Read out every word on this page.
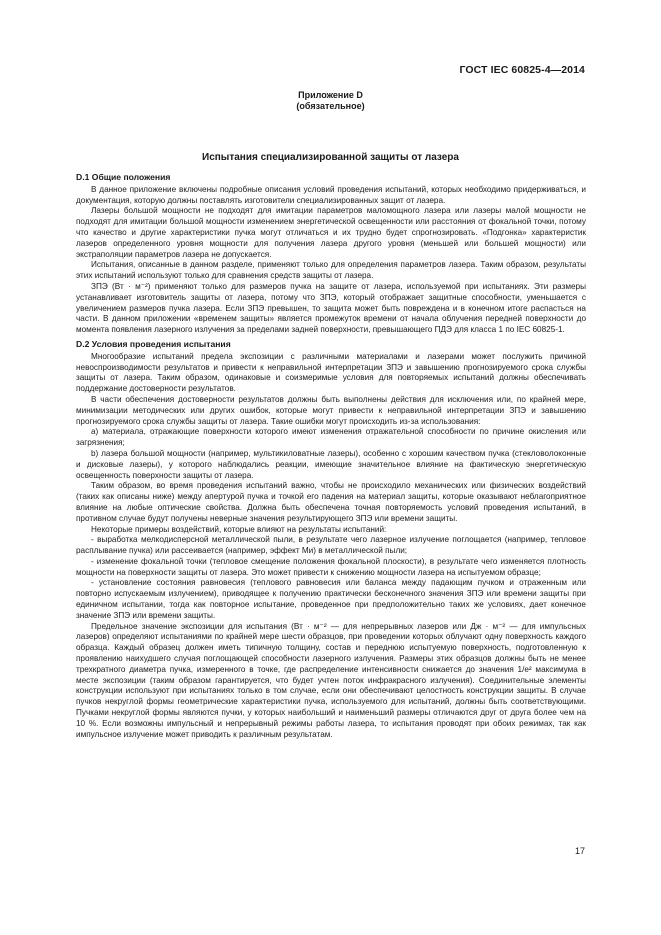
ГОСТ IEC 60825-4—2014
Приложение D
(обязательное)
Испытания специализированной защиты от лазера
D.1 Общие положения

В данное приложение включены подробные описания условий проведения испытаний, которых необходимо придерживаться, и документация, которую должны поставлять изготовители специализированных защит от лазера.

Лазеры большой мощности не подходят для имитации параметров маломощного лазера или лазеры малой мощности не подходят для имитации большой мощности изменением энергетической освещенности или расстояния от фокальной точки, потому что качество и другие характеристики пучка могут отличаться и их трудно будет спрогнозировать. «Подгонка» характеристик лазеров определенного уровня мощности для получения лазера другого уровня (меньшей или большей мощности) или экстраполяции параметров лазера не допускается.

Испытания, описанные в данном разделе, применяют только для определения параметров лазера. Таким образом, результаты этих испытаний используют только для сравнения средств защиты от лазера.

ЗПЭ (Вт · м⁻²) применяют только для размеров пучка на защите от лазера, используемой при испытаниях. Эти размеры устанавливает изготовитель защиты от лазера, потому что ЗПЭ, который отображает защитные способности, уменьшается с увеличением размеров пучка лазера. Если ЗПЭ превышен, то защита может быть повреждена и в конечном итоге распасться на части. В данном приложении «временем защиты» является промежуток времени от начала облучения передней поверхности до момента появления лазерного излучения за пределами задней поверхности, превышающего ПДЭ для класса 1 по IEC 60825-1.

D.2 Условия проведения испытания

Многообразие испытаний предела экспозиции с различными материалами и лазерами может послужить причиной невоспроизводимости результатов и привести к неправильной интерпретации ЗПЭ и завышению прогнозируемого срока службы защиты от лазера. Таким образом, одинаковые и соизмеримые условия для повторяемых испытаний должны обеспечивать поддержание достоверности результатов.

В части обеспечения достоверности результатов должны быть выполнены действия для исключения или, по крайней мере, минимизации методических или других ошибок, которые могут привести к неправильной интерпретации ЗПЭ и завышению прогнозируемого срока службы защиты от лазера. Такие ошибки могут происходить из-за использования:

a) материала, отражающие поверхности которого имеют изменения отражательной способности по причине окисления или загрязнения;

b) лазера большой мощности (например, мультикиловатные лазеры), особенно с хорошим качеством пучка (стекловолоконные и дисковые лазеры), у которого наблюдались реакции, имеющие значительное влияние на фактическую энергетическую освещенность поверхности защиты от лазера.

Таким образом, во время проведения испытаний важно, чтобы не происходило механических или физических воздействий (таких как описаны ниже) между апертурой пучка и точкой его падения на материал защиты, которые оказывают неблагоприятное влияние на любые оптические свойства. Должна быть обеспечена точная повторяемость условий проведения испытаний, в противном случае будут получены неверные значения результирующего ЗПЭ или времени защиты.

Некоторые примеры воздействий, которые влияют на результаты испытаний:

- выработка мелкодисперсной металлической пыли, в результате чего лазерное излучение поглощается (например, тепловое расплывание пучка) или рассеивается (например, эффект Ми) в металлической пыли;

- изменение фокальной точки (тепловое смещение положения фокальной плоскости), в результате чего изменяется плотность мощности на поверхности защиты от лазера. Это может привести к снижению мощности лазера на испытуемом образце;

- установление состояния равновесия (теплового равновесия или баланса между падающим пучком и отраженным или повторно испускаемым излучением), приводящее к получению практически бесконечного значения ЗПЭ или времени защиты при единичном испытании, тогда как повторное испытание, проведенное при предположительно таких же условиях, дает конечное значение ЗПЭ или времени защиты.

Предельное значение экспозиции для испытания (Вт · м⁻² — для непрерывных лазеров или Дж · м⁻² — для импульсных лазеров) определяют испытаниями по крайней мере шести образцов, при проведении которых облучают одну поверхность каждого образца. Каждый образец должен иметь типичную толщину, состав и переднюю испытуемую поверхность, подготовленную к проявлению наихудшего случая поглощающей способности лазерного излучения. Размеры этих образцов должны быть не менее трехкратного диаметра пучка, измеренного в точке, где распределение интенсивности снижается до значения 1/e² максимума в месте экспозиции (таким образом гарантируется, что будет учтен поток инфракрасного излучения). Соединительные элементы конструкции используют при испытаниях только в том случае, если они обеспечивают целостность конструкции защиты. В случае пучков некруглой формы геометрические характеристики пучка, используемого для испытаний, должны быть соответствующими. Пучками некруглой формы являются пучки, у которых наибольший и наименьший размеры отличаются друг от друга более чем на 10 %. Если возможны импульсный и непрерывный режимы работы лазера, то испытания проводят при обоих режимах, так как импульсное излучение может приводить к различным результатам.

17
